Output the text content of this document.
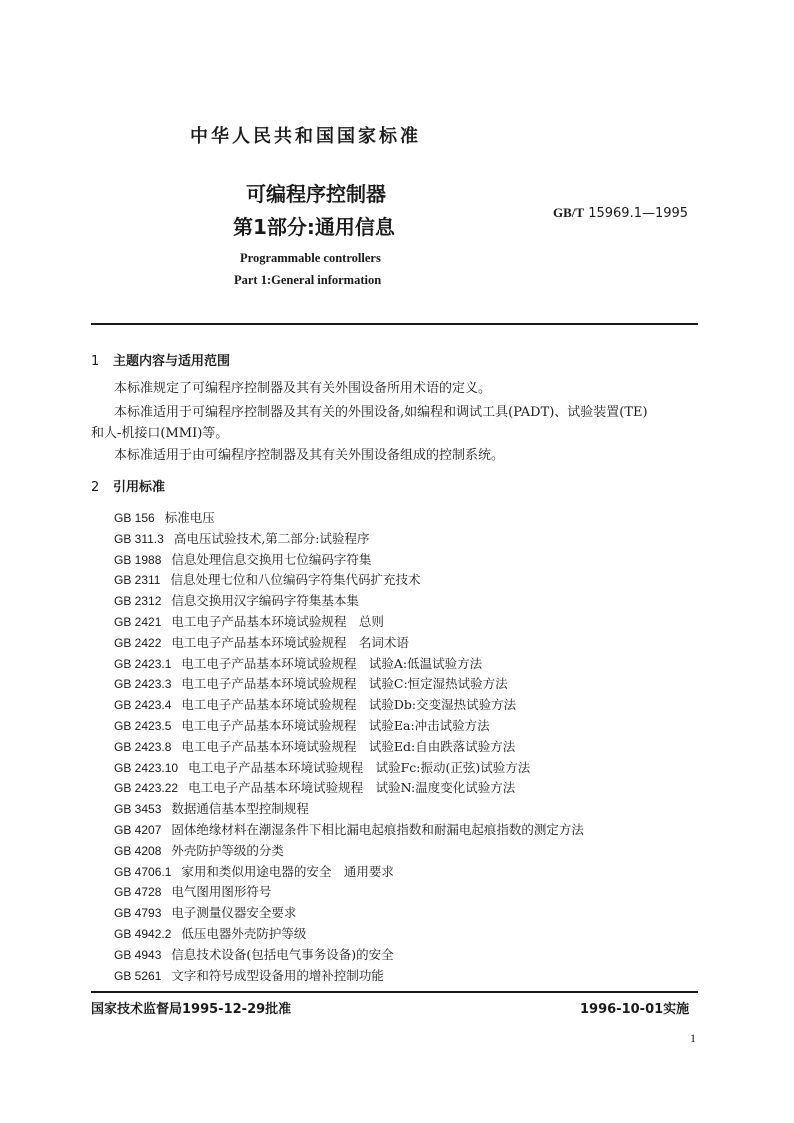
中华人民共和国国家标准
可编程序控制器
第1部分:通用信息
GB/T 15969.1—1995
Programmable controllers
Part 1:General information
1 主题内容与适用范围
本标准规定了可编程序控制器及其有关外围设备所用术语的定义。
本标准适用于可编程序控制器及其有关的外围设备,如编程和调试工具(PADT)、试验装置(TE)
和人-机接口(MMI)等。
本标准适用于由可编程序控制器及其有关外围设备组成的控制系统。
2 引用标准
GB 156 标准电压
GB 311.3 高电压试验技术,第二部分:试验程序
GB 1988 信息处理信息交换用七位编码字符集
GB 2311 信息处理七位和八位编码字符集代码扩充技术
GB 2312 信息交换用汉字编码字符集基本集
GB 2421 电工电子产品基本环境试验规程　总则
GB 2422 电工电子产品基本环境试验规程　名词术语
GB 2423.1 电工电子产品基本环境试验规程　试验A:低温试验方法
GB 2423.3 电工电子产品基本环境试验规程　试验C:恒定湿热试验方法
GB 2423.4 电工电子产品基本环境试验规程　试验Db:交变湿热试验方法
GB 2423.5 电工电子产品基本环境试验规程　试验Ea:冲击试验方法
GB 2423.8 电工电子产品基本环境试验规程　试验Ed:自由跌落试验方法
GB 2423.10 电工电子产品基本环境试验规程　试验Fc:振动(正弦)试验方法
GB 2423.22 电工电子产品基本环境试验规程　试验N:温度变化试验方法
GB 3453 数据通信基本型控制规程
GB 4207 固体绝缘材料在潮湿条件下相比漏电起痕指数和耐漏电起痕指数的测定方法
GB 4208 外壳防护等级的分类
GB 4706.1 家用和类似用途电器的安全　通用要求
GB 4728 电气图用图形符号
GB 4793 电子测量仪器安全要求
GB 4942.2 低压电器外壳防护等级
GB 4943 信息技术设备(包括电气事务设备)的安全
GB 5261 文字和符号成型设备用的增补控制功能
国家技术监督局1995-12-29批准	1996-10-01实施
1
